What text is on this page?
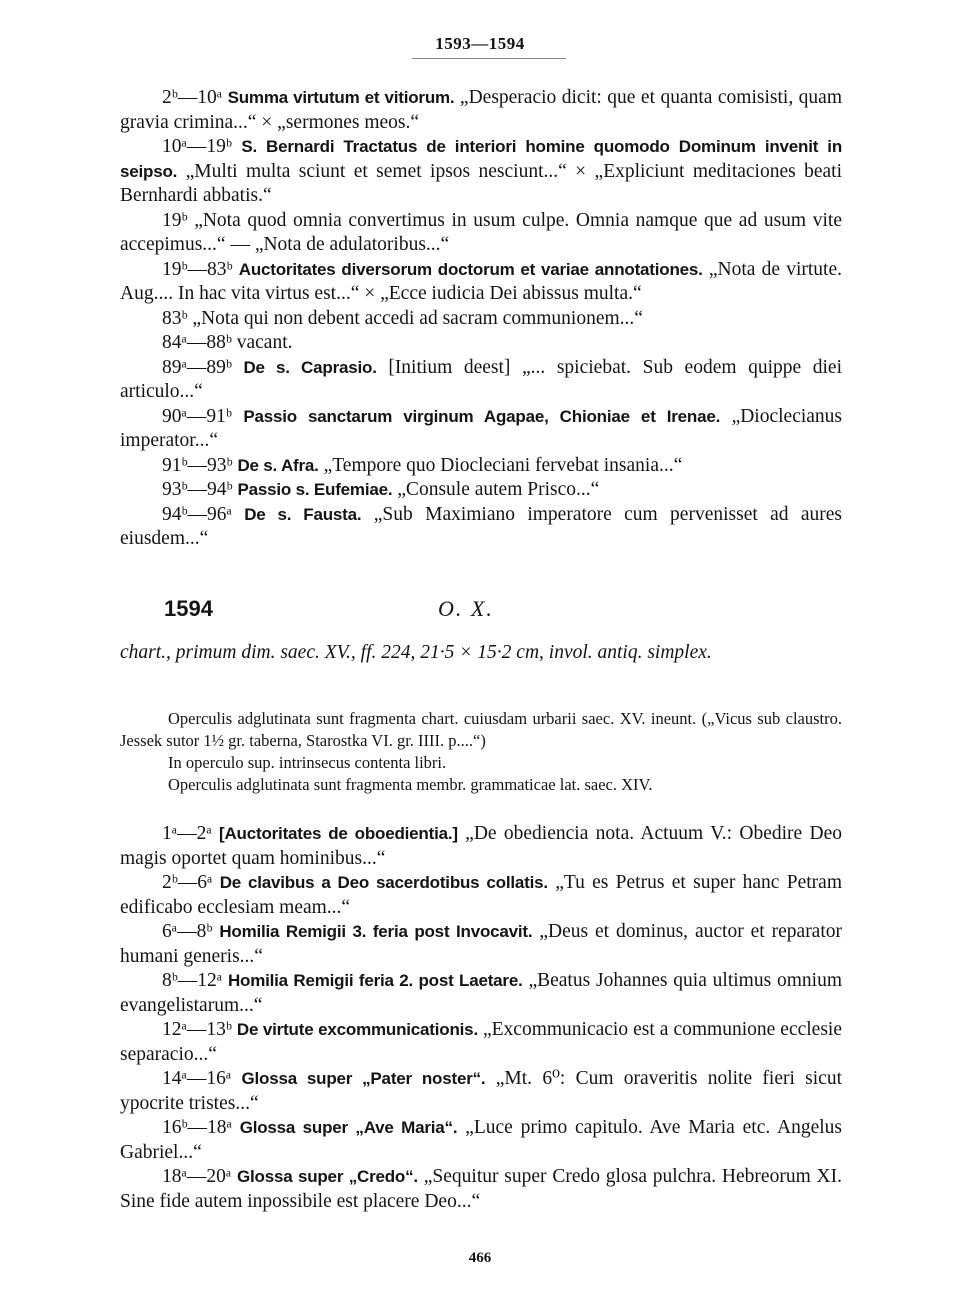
1593—1594

2ᵇ—10ᵃ Summa virtutum et vitiorum. „Desperacio dicit: que et quanta comisisti, quam gravia crimina...“ × „sermones meos.“

10ᵃ—19ᵇ S. Bernardi Tractatus de interiori homine quomodo Dominum invenit in seipso. „Multi multa sciunt et semet ipsos nesciunt...“ × „Expliciunt meditaciones beati Bernhardi abbatis.“

19ᵇ „Nota quod omnia convertimus in usum culpe. Omnia namque que ad usum vite accepimus...“ — „Nota de adulatoribus...“

19ᵇ—83ᵇ Auctoritates diversorum doctorum et variae annotationes. „Nota de virtute. Aug.... In hac vita virtus est...“ × „Ecce iudicia Dei abissus multa.“

83ᵇ „Nota qui non debent accedi ad sacram communionem...“

84ᵃ—88ᵇ vacant.

89ᵃ—89ᵇ De s. Caprasio. [Initium deest] „... spiciebat. Sub eodem quippe diei articulo...“

90ᵃ—91ᵇ Passio sanctarum virginum Agapae, Chioniae et Irenae. „Dioclecianus imperator...“

91ᵇ—93ᵇ De s. Afra. „Tempore quo Diocleciani fervebat insania...“

93ᵇ—94ᵇ Passio s. Eufemiae. „Consule autem Prisco...“

94ᵇ—96ᵃ De s. Fausta. „Sub Maximiano imperatore cum pervenisset ad aures eiusdem...“

1594	O. X.
chart., primum dim. saec. XV., ff. 224, 21·5 × 15·2 cm, invol. antiq. simplex.

Operculis adglutinata sunt fragmenta chart. cuiusdam urbarii saec. XV. ineunt. („Vicus sub claustro. Jessek sutor 1½ gr. taberna, Starostka VI. gr. IIII. p....“)

In operculo sup. intrinsecus contenta libri.

Operculis adglutinata sunt fragmenta membr. grammaticae lat. saec. XIV.

1ᵃ—2ᵃ [Auctoritates de oboedientia.] „De obediencia nota. Actuum V.: Obedire Deo magis oportet quam hominibus...“

2ᵇ—6ᵃ De clavibus a Deo sacerdotibus collatis. „Tu es Petrus et super hanc Petram edificabo ecclesiam meam...“

6ᵃ—8ᵇ Homilia Remigii 3. feria post Invocavit. „Deus et dominus, auctor et reparator humani generis...“

8ᵇ—12ᵃ Homilia Remigii feria 2. post Laetare. „Beatus Johannes quia ultimus omnium evangelistarum...“

12ᵃ—13ᵇ De virtute excommunicationis. „Excommunicacio est a communione ecclesie separacio...“

14ᵃ—16ᵃ Glossa super „Pater noster“. „Mt. 6⁰: Cum oraveritis nolite fieri sicut ypocrite tristes...“

16ᵇ—18ᵃ Glossa super „Ave Maria“. „Luce primo capitulo. Ave Maria etc. Angelus Gabriel...“

18ᵃ—20ᵃ Glossa super „Credo“. „Sequitur super Credo glosa pulchra. Hebreorum XI. Sine fide autem inpossibile est placere Deo...“

466
